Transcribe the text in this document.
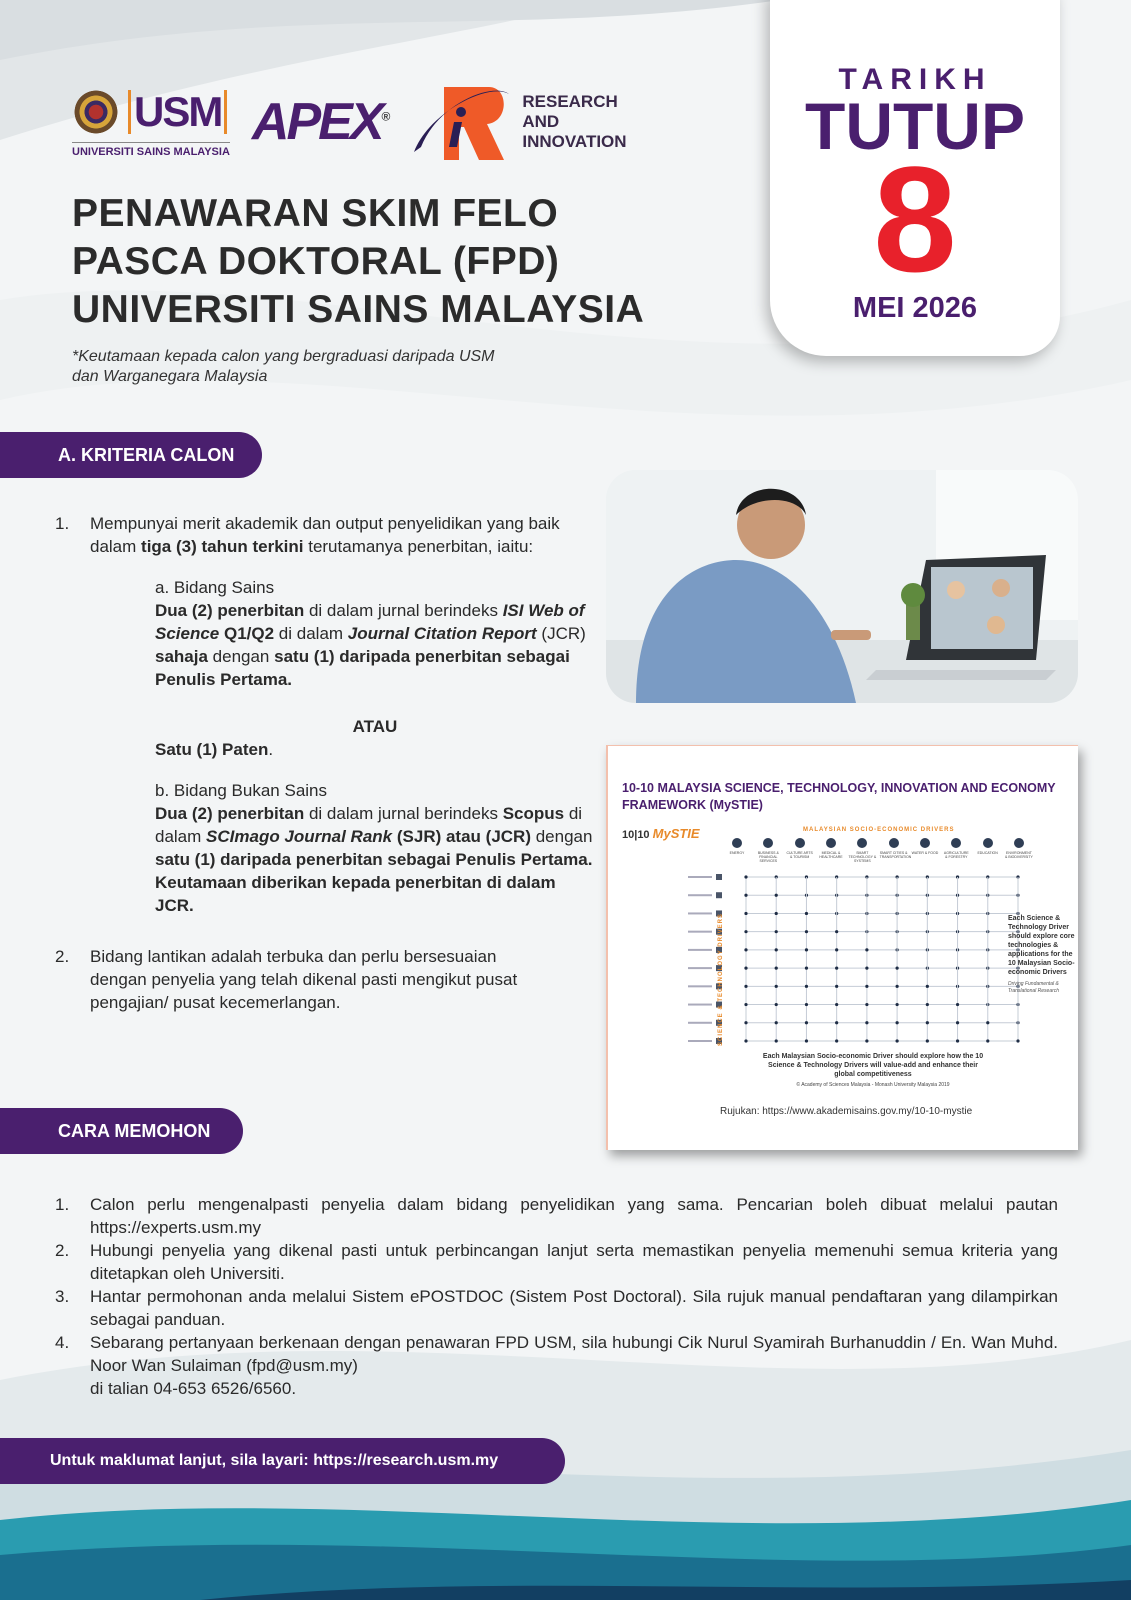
USM
UNIVERSITI SAINS MALAYSIA
APEX®
RESEARCH
AND
INNOVATION
PENAWARAN SKIM FELO
PASCA DOKTORAL (FPD)
UNIVERSITI SAINS MALAYSIA
*Keutamaan kepada calon yang bergraduasi daripada USM
dan Warganegara Malaysia
TARIKH
TUTUP
8
MEI 2026
A. KRITERIA CALON
1.	Mempunyai merit akademik dan output penyelidikan yang baik dalam tiga (3) tahun terkini terutamanya penerbitan, iaitu:

a. Bidang Sains

Dua (2) penerbitan di dalam jurnal berindeks ISI Web of Science Q1/Q2 di dalam Journal Citation Report (JCR) sahaja dengan satu (1) daripada penerbitan sebagai Penulis Pertama.

ATAU

Satu (1) Paten.

b. Bidang Bukan Sains

Dua (2) penerbitan di dalam jurnal berindeks Scopus di dalam SCImago Journal Rank (SJR) atau (JCR) dengan satu (1) daripada penerbitan sebagai Penulis Pertama. Keutamaan diberikan kepada penerbitan di dalam JCR.

2.	Bidang lantikan adalah terbuka dan perlu bersesuaian dengan penyelia yang telah dikenal pasti mengikut pusat pengajian/ pusat kecemerlangan.

10-10 MALAYSIA SCIENCE, TECHNOLOGY, INNOVATION AND ECONOMY FRAMEWORK (MySTIE)
10|10 MySTIE	MALAYSIAN SOCIO-ECONOMIC DRIVERS
ENERGY	BUSINESS & FINANCIAL SERVICES
CULTURE ARTS & TOURISM
MEDICAL & HEALTHCARE
SMART TECHNOLOGY & SYSTEMS
SMART CITIES & TRANSPORTATION
WATER & FOOD	AGRICULTURE & FORESTRY
EDUCATION	ENVIRONMENT & BIODIVERSITY
SCIENCE & TECHNOLOGY DRIVERS	Each Science & Technology Driver should explore core technologies & applications for the 10 Malaysian Socio-economic Drivers
Driving Fundamental & Translational Research
Each Malaysian Socio-economic Driver should explore how the 10 Science & Technology Drivers will value-add and enhance their global competitiveness
© Academy of Sciences Malaysia - Monash University Malaysia 2019
Rujukan: https://www.akademisains.gov.my/10-10-mystie
CARA MEMOHON
1.	Calon perlu mengenalpasti penyelia dalam bidang penyelidikan yang sama. Pencarian boleh dibuat melalui pautan https://experts.usm.my

2.	Hubungi penyelia yang dikenal pasti untuk perbincangan lanjut serta memastikan penyelia memenuhi semua kriteria yang ditetapkan oleh Universiti.

3.	Hantar permohonan anda melalui Sistem ePOSTDOC (Sistem Post Doctoral). Sila rujuk manual pendaftaran yang dilampirkan sebagai panduan.

4.	Sebarang pertanyaan berkenaan dengan penawaran FPD USM, sila hubungi Cik Nurul Syamirah Burhanuddin / En. Wan Muhd. Noor Wan Sulaiman (fpd@usm.my)

di talian 04-653 6526/6560.

Untuk maklumat lanjut, sila layari: https://research.usm.my
